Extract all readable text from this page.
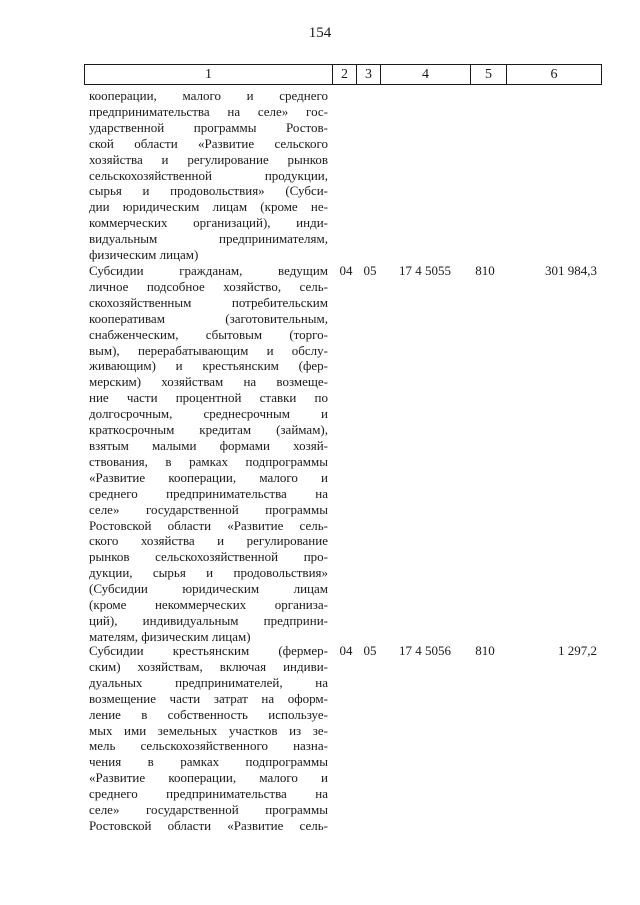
154
1	2	3	4	5	6
кооперации, малого и среднего
предпринимательства на селе» гос-
ударственной программы Ростов-
ской области «Развитие сельского
хозяйства и регулирование рынков
сельскохозяйственной продукции,
сырья и продовольствия» (Субси-
дии юридическим лицам (кроме не-
коммерческих организаций), инди-
видуальным предпринимателям,
физическим лицам)
Субсидии гражданам, ведущим
личное подсобное хозяйство, сель-
скохозяйственным потребительским
кооперативам (заготовительным,
снабженческим, сбытовым (торго-
вым), перерабатывающим и обслу-
живающим) и крестьянским (фер-
мерским) хозяйствам на возмеще-
ние части процентной ставки по
долгосрочным, среднесрочным и
краткосрочным кредитам (займам),
взятым малыми формами хозяй-
ствования, в рамках подпрограммы
«Развитие кооперации, малого и
среднего предпринимательства на
селе» государственной программы
Ростовской области «Развитие сель-
ского хозяйства и регулирование
рынков сельскохозяйственной про-
дукции, сырья и продовольствия»
(Субсидии юридическим лицам
(кроме некоммерческих организа-
ций), индивидуальным предприни-
мателям, физическим лицам)
04 05	17 4 5055	810	301 984,3
Субсидии крестьянским (фермер-
ским) хозяйствам, включая индиви-
дуальных предпринимателей, на
возмещение части затрат на оформ-
ление в собственность используе-
мых ими земельных участков из зе-
мель сельскохозяйственного назна-
чения в рамках подпрограммы
«Развитие кооперации, малого и
среднего предпринимательства на
селе» государственной программы
Ростовской области «Развитие сель-
04 05	17 4 5056	810	1 297,2
